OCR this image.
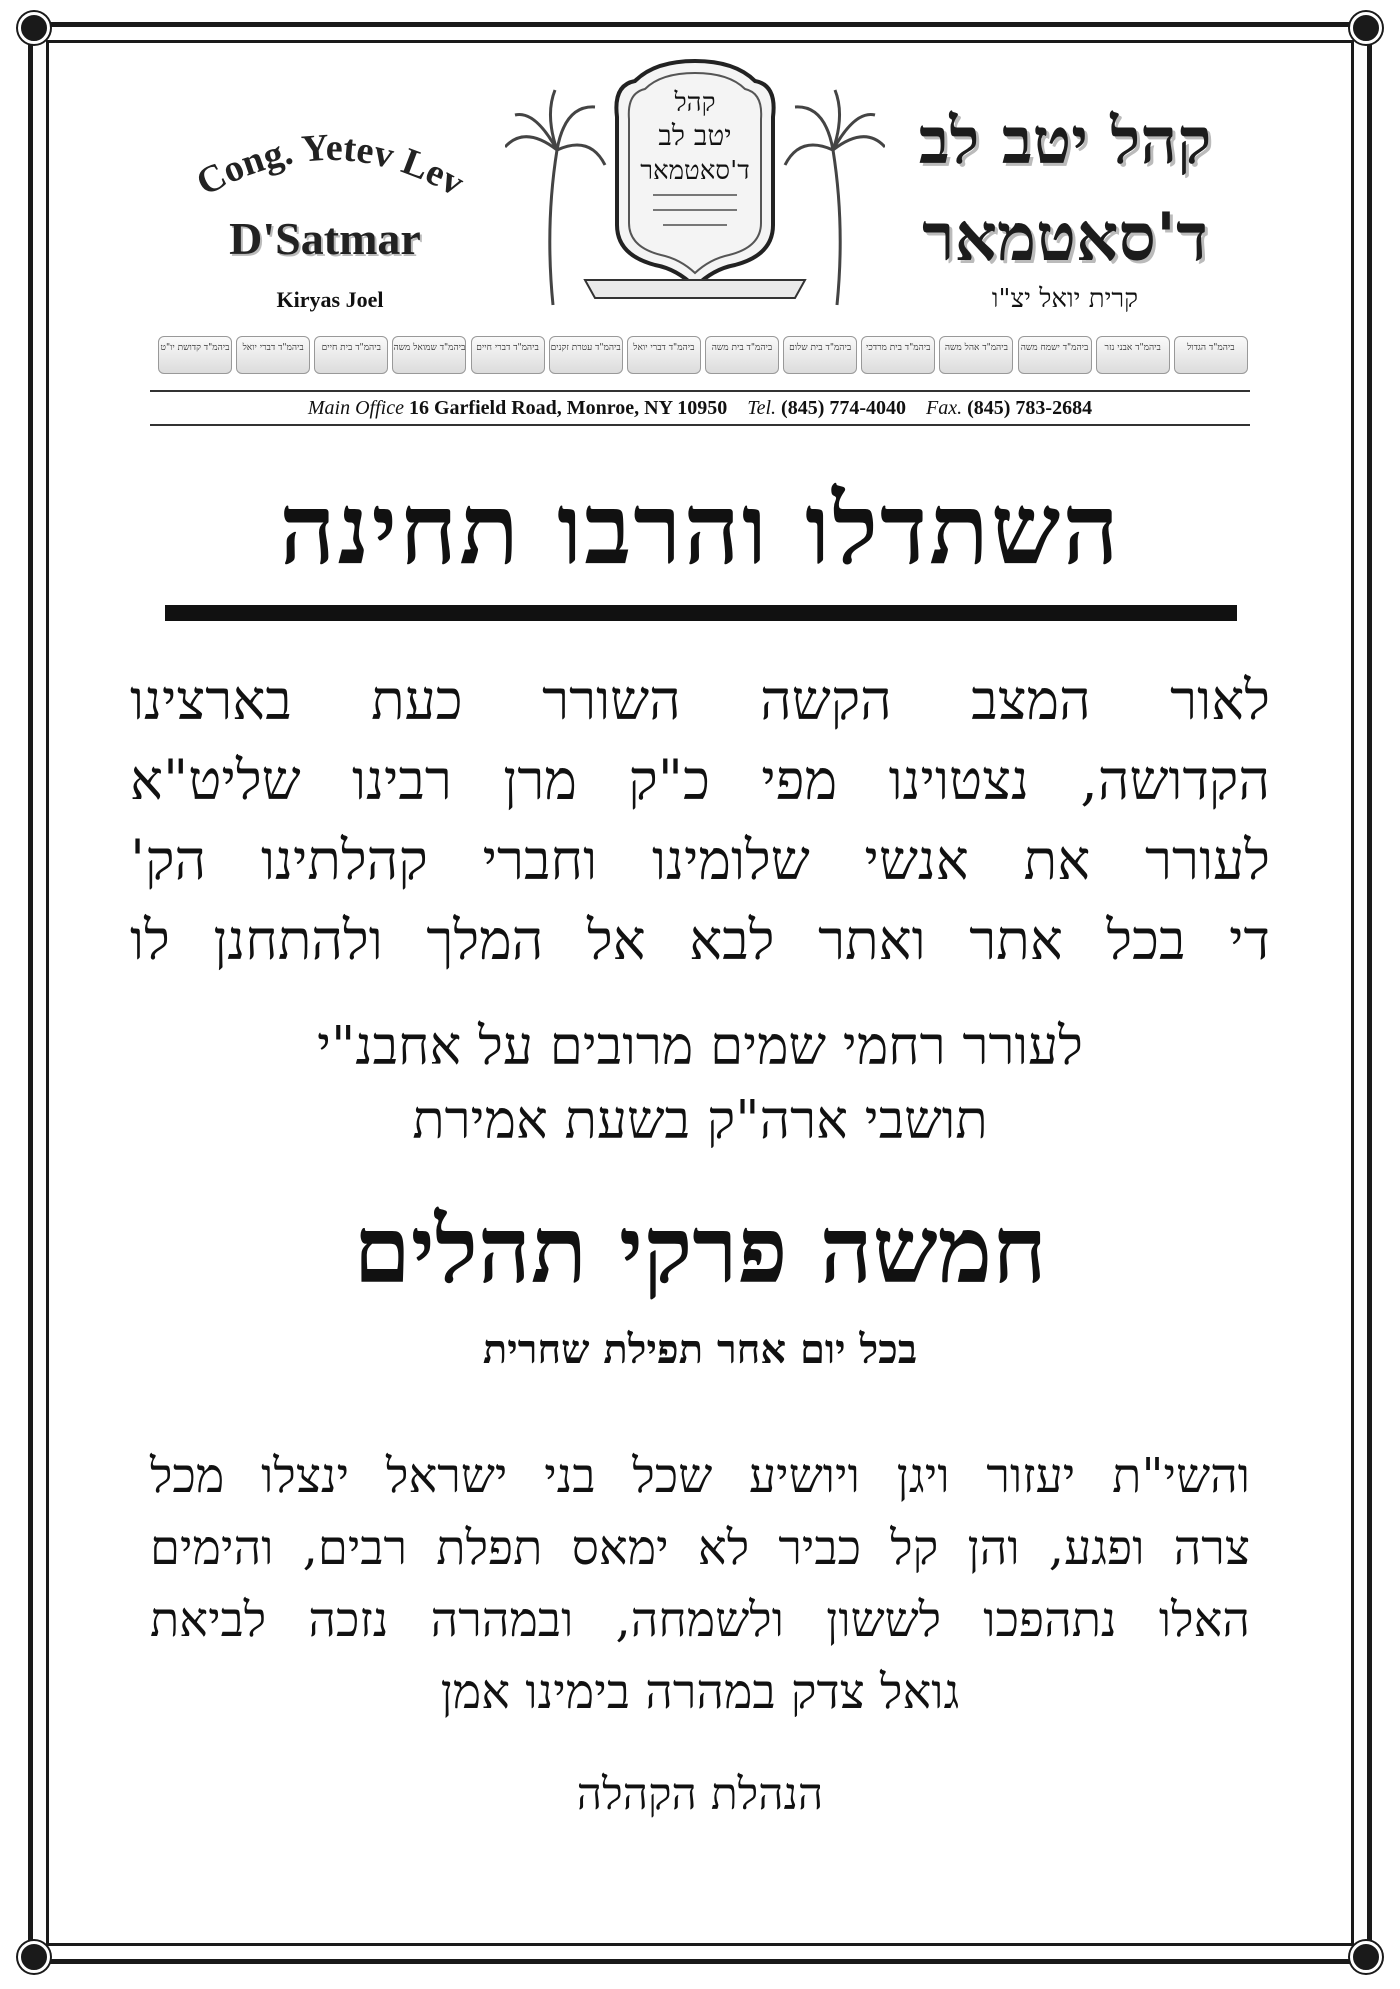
Cong. Yetev Lev
D'Satmar
Kiryas Joel
קהל
יטב לב
ד'סאטמאר	קהל יטב לב
ד'סאטמאר
קרית יואל יצ"ו
ביהמ"ד הגדול
ביהמ"ד אבני נזר
ביהמ"ד ישמח משה
ביהמ"ד אהל משה
ביהמ"ד בית מרדכי
ביהמ"ד בית שלום
ביהמ"ד בית משה
ביהמ"ד דברי יואל
ביהמ"ד עטרת זקנים
ביהמ"ד דברי חיים
ביהמ"ד שמואל משה
ביהמ"ד בית חיים
ביהמ"ד דברי יואל
ביהמ"ד קדושת יו"ט
Main Office 16 Garfield Road, Monroe, NY 10950 Tel. (845) 774-4040 Fax. (845) 783-2684
השתדלו והרבו תחינה
לאור המצב הקשה השורר כעת בארצינו
הקדושה, נצטוינו מפי כ"ק מרן רבינו שליט"א
לעורר את אנשי שלומינו וחברי קהלתינו הק'
די בכל אתר ואתר לבא אל המלך ולהתחנן לו
לעורר רחמי שמים מרובים על אחבנ"י
תושבי ארה"ק בשעת אמירת
חמשה פרקי תהלים
בכל יום אחר תפילת שחרית
והשי"ת יעזור ויגן ויושיע שכל בני ישראל ינצלו מכל
צרה ופגע, והן קל כביר לא ימאס תפלת רבים, והימים
האלו נתהפכו לששון ולשמחה, ובמהרה נזכה לביאת
גואל צדק במהרה בימינו אמן
הנהלת הקהלה
